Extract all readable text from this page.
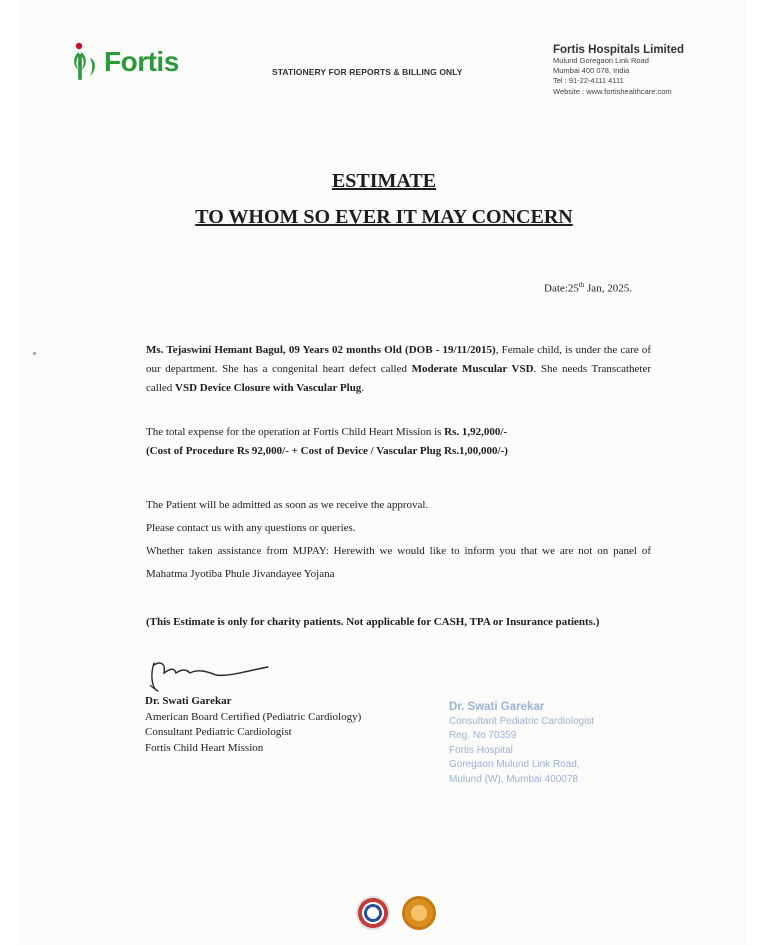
Fortis	STATIONERY FOR REPORTS & BILLING ONLY
Fortis Hospitals Limited
Mulund Goregaon Link Road
Mumbai 400 078, India
Tel : 91-22-4111 4111
Website : www.fortishealthcare.com
ESTIMATE
TO WHOM SO EVER IT MAY CONCERN
Date:25th Jan, 2025.
Ms. Tejaswini Hemant Bagul, 09 Years 02 months Old (DOB - 19/11/2015), Female child, is under the care of our department. She has a congenital heart defect called Moderate Muscular VSD. She needs Transcatheter called VSD Device Closure with Vascular Plug.
The total expense for the operation at Fortis Child Heart Mission is Rs. 1,92,000/-
(Cost of Procedure Rs 92,000/- + Cost of Device / Vascular Plug Rs.1,00,000/-)
The Patient will be admitted as soon as we receive the approval.
Please contact us with any questions or queries.
Whether taken assistance from MJPAY: Herewith we would like to inform you that we are not on panel of Mahatma Jyotiba Phule Jivandayee Yojana
(This Estimate is only for charity patients. Not applicable for CASH, TPA or Insurance patients.)
Dr. Swati Garekar
American Board Certified (Pediatric Cardiology)
Consultant Pediatric Cardiologist
Fortis Child Heart Mission
Dr. Swati Garekar
Consultant Pediatric Cardiologist
Reg. No 70359
Fortis Hospital
Goregaon Mulund Link Road,
Mulund (W), Mumbai 400078
